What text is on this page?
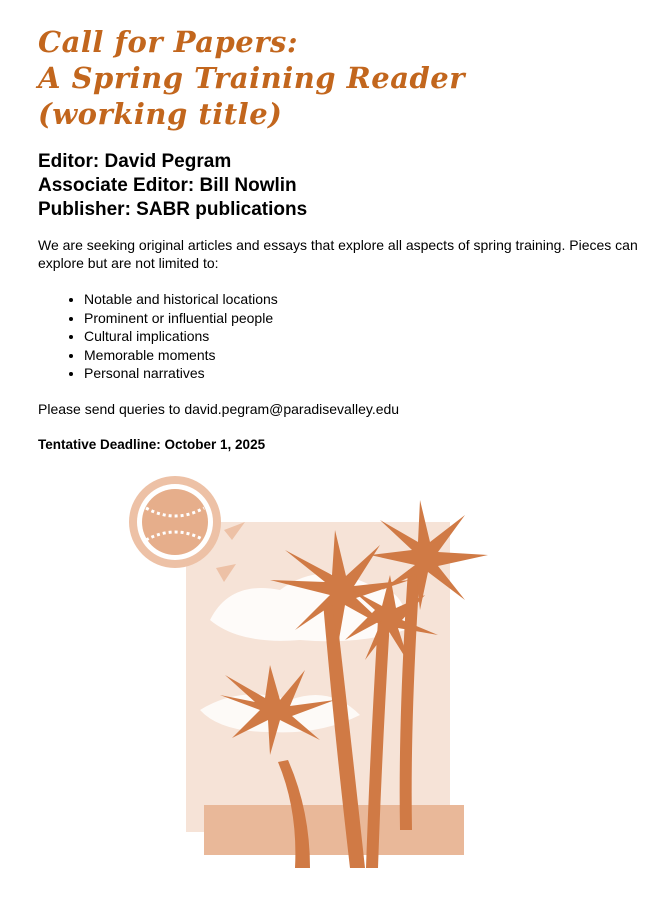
Call for Papers:
A Spring Training Reader
(working title)
Editor: David Pegram
Associate Editor: Bill Nowlin
Publisher: SABR publications

We are seeking original articles and essays that explore all aspects of spring training. Pieces can explore but are not limited to:

• Notable and historical locations
• Prominent or influential people
• Cultural implications
• Memorable moments
• Personal narratives

Please send queries to david.pegram@paradisevalley.edu

Tentative Deadline: October 1, 2025
